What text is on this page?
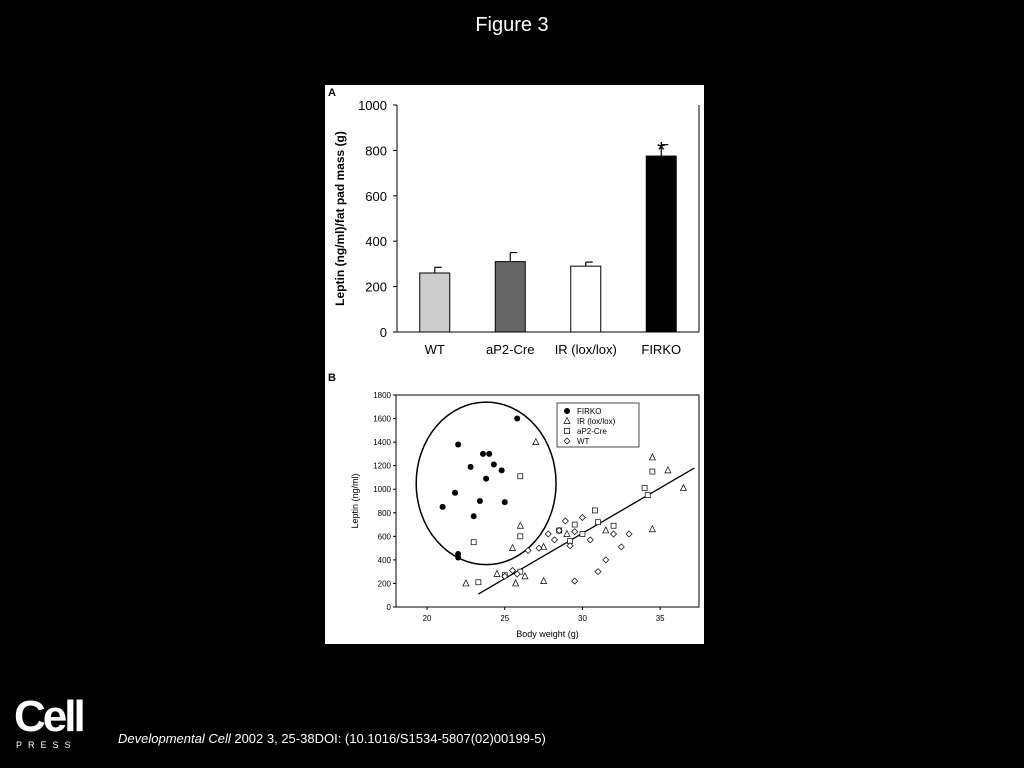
Figure 3
A
B
0
200
400
600
800
1000
Leptin (ng/ml)/fat pad mass (g)
WT	aP2-Cre IR (lox/lox) FIRKO
*
0
200
400
600
800
1000
1200
1400
1600
1800
20	25	30	35
Body weight (g)
Leptin (ng/ml)
FIRKO
IR (lox/lox)
aP2-Cre
WT
Cell
PRESS	Developmental Cell 2002 3, 25-38DOI: (10.1016/S1534-5807(02)00199-5)
